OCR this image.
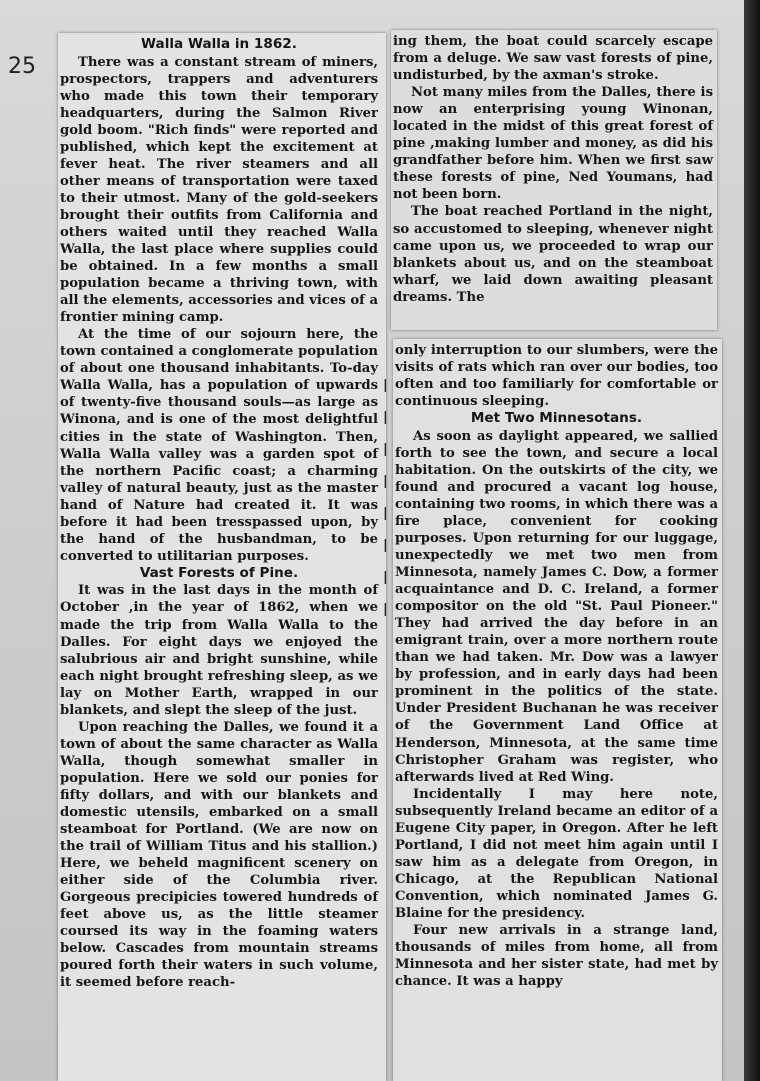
25
Walla Walla in 1862.

There was a constant stream of miners, prospectors, trappers and adventurers who made this town their temporary headquarters, during the Salmon River gold boom. "Rich finds" were reported and published, which kept the excitement at fever heat. The river steamers and all other means of transportation were taxed to their utmost. Many of the gold-seekers brought their outfits from California and others waited until they reached Walla Walla, the last place where supplies could be obtained. In a few months a small population became a thriving town, with all the elements, accessories and vices of a frontier mining camp.

At the time of our sojourn here, the town contained a conglomerate population of about one thousand inhabitants. To-day Walla Walla, has a population of upwards of twenty-five thousand souls—as large as Winona, and is one of the most delightful cities in the state of Washington. Then, Walla Walla valley was a garden spot of the northern Pacific coast; a charming valley of natural beauty, just as the master hand of Nature had created it. It was before it had been tresspassed upon, by the hand of the husbandman, to be converted to utilitarian purposes.

Vast Forests of Pine.

It was in the last days in the month of October ,in the year of 1862, when we made the trip from Walla Walla to the Dalles. For eight days we enjoyed the salubrious air and bright sunshine, while each night brought refreshing sleep, as we lay on Mother Earth, wrapped in our blankets, and slept the sleep of the just.

Upon reaching the Dalles, we found it a town of about the same character as Walla Walla, though somewhat smaller in population. Here we sold our ponies for fifty dollars, and with our blankets and domestic utensils, embarked on a small steamboat for Portland. (We are now on the trail of William Titus and his stallion.) Here, we beheld magnificent scenery on either side of the Columbia river. Gorgeous precipicies towered hundreds of feet above us, as the little steamer coursed its way in the foaming waters below. Cascades from mountain streams poured forth their waters in such volume, it seemed before reach-

|
|
|
|
|
|
|
|

ing them, the boat could scarcely escape from a deluge. We saw vast forests of pine, undisturbed, by the axman's stroke.

Not many miles from the Dalles, there is now an enterprising young Winonan, located in the midst of this great forest of pine ,making lumber and money, as did his grandfather before him. When we first saw these forests of pine, Ned Youmans, had not been born.

The boat reached Portland in the night, so accustomed to sleeping, whenever night came upon us, we proceeded to wrap our blankets about us, and on the steamboat wharf, we laid down awaiting pleasant dreams. The

only interruption to our slumbers, were the visits of rats which ran over our bodies, too often and too familiarly for comfortable or continuous sleeping.

Met Two Minnesotans.

As soon as daylight appeared, we sallied forth to see the town, and secure a local habitation. On the outskirts of the city, we found and procured a vacant log house, containing two rooms, in which there was a fire place, convenient for cooking purposes. Upon returning for our luggage, unexpectedly we met two men from Minnesota, namely James C. Dow, a former acquaintance and D. C. Ireland, a former compositor on the old "St. Paul Pioneer." They had arrived the day before in an emigrant train, over a more northern route than we had taken. Mr. Dow was a lawyer by profession, and in early days had been prominent in the politics of the state. Under President Buchanan he was receiver of the Government Land Office at Henderson, Minnesota, at the same time Christopher Graham was register, who afterwards lived at Red Wing.

Incidentally I may here note, subsequently Ireland became an editor of a Eugene City paper, in Oregon. After he left Portland, I did not meet him again until I saw him as a delegate from Oregon, in Chicago, at the Republican National Convention, which nominated James G. Blaine for the presidency.

Four new arrivals in a strange land, thousands of miles from home, all from Minnesota and her sister state, had met by chance. It was a happy
